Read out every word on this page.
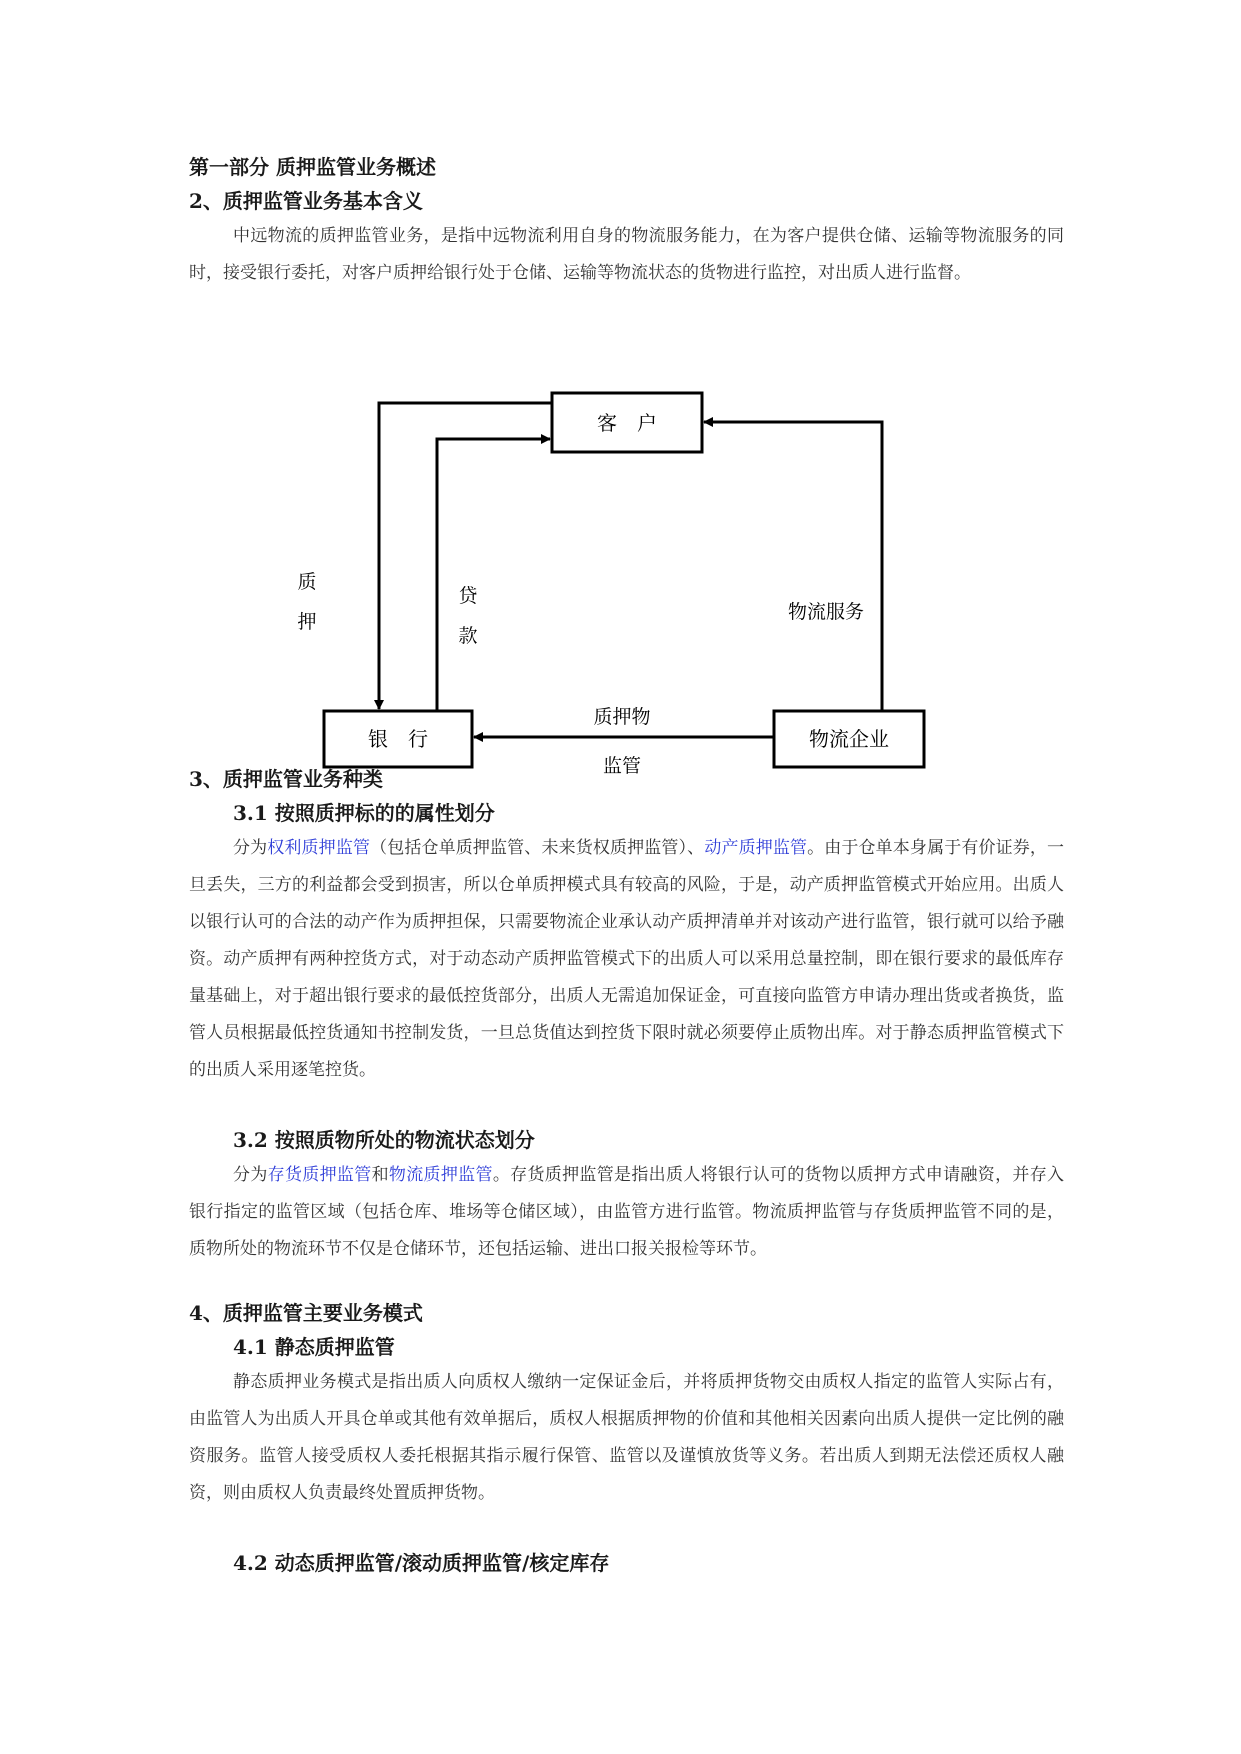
第一部分 质押监管业务概述

2、质押监管业务基本含义

中远物流的质押监管业务，是指中远物流利用自身的物流服务能力，在为客户提供仓储、运输等物流服务的同时，接受银行委托，对客户质押给银行处于仓储、运输等物流状态的货物进行监控，对出质人进行监督。

客　户
银　行	物流企业
质
押
贷
款
物流服务
质押物
监管

3、质押监管业务种类

3.1 按照质押标的的属性划分

分为权利质押监管（包括仓单质押监管、未来货权质押监管）、动产质押监管。由于仓单本身属于有价证券，一旦丢失，三方的利益都会受到损害，所以仓单质押模式具有较高的风险，于是，动产质押监管模式开始应用。出质人以银行认可的合法的动产作为质押担保，只需要物流企业承认动产质押清单并对该动产进行监管，银行就可以给予融资。动产质押有两种控货方式，对于动态动产质押监管模式下的出质人可以采用总量控制，即在银行要求的最低库存量基础上，对于超出银行要求的最低控货部分，出质人无需追加保证金，可直接向监管方申请办理出货或者换货，监管人员根据最低控货通知书控制发货，一旦总货值达到控货下限时就必须要停止质物出库。对于静态质押监管模式下的出质人采用逐笔控货。

3.2 按照质物所处的物流状态划分

分为存货质押监管和物流质押监管。存货质押监管是指出质人将银行认可的货物以质押方式申请融资，并存入银行指定的监管区域（包括仓库、堆场等仓储区域），由监管方进行监管。物流质押监管与存货质押监管不同的是，质物所处的物流环节不仅是仓储环节，还包括运输、进出口报关报检等环节。

4、质押监管主要业务模式

4.1 静态质押监管

静态质押业务模式是指出质人向质权人缴纳一定保证金后，并将质押货物交由质权人指定的监管人实际占有，由监管人为出质人开具仓单或其他有效单据后，质权人根据质押物的价值和其他相关因素向出质人提供一定比例的融资服务。监管人接受质权人委托根据其指示履行保管、监管以及谨慎放货等义务。若出质人到期无法偿还质权人融资，则由质权人负责最终处置质押货物。

4.2 动态质押监管/滚动质押监管/核定库存
